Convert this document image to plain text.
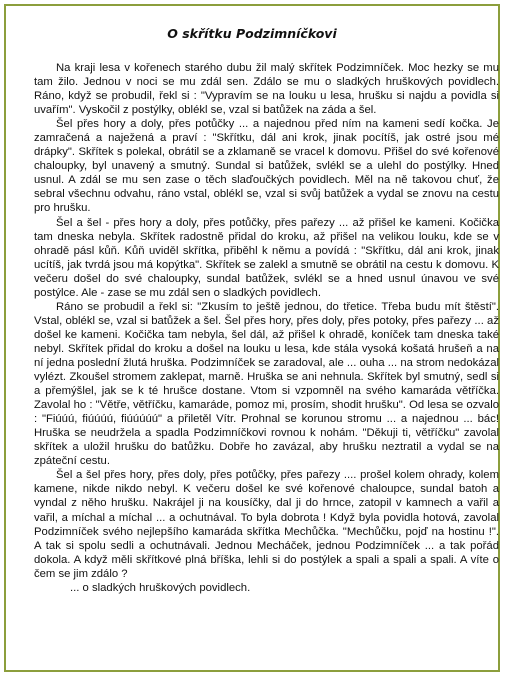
O skřítku Podzimníčkovi

Na kraji lesa v kořenech starého dubu žil malý skřítek Podzimníček. Moc hezky se mu tam žilo. Jednou v noci se mu zdál sen. Zdálo se mu o sladkých hruškových povidlech. Ráno, když se probudil, řekl si : "Vypravím se na louku u lesa, hrušku si najdu a povidla si uvařím". Vyskočil z postýlky, oblékl se, vzal si batůžek na záda a šel.

Šel přes hory a doly, přes potůčky ... a najednou před ním na kameni sedí kočka. Je zamračená a naježená a praví : "Skřítku, dál ani krok, jinak pocítíš, jak ostré jsou mé drápky". Skřítek s polekal, obrátil se a zklamaně se vracel k domovu. Přišel do své kořenové chaloupky, byl unavený a smutný. Sundal si batůžek, svlékl se a ulehl do postýlky. Hned usnul. A zdál se mu sen zase o těch slaďoučkých povidlech. Měl na ně takovou chuť, že sebral všechnu odvahu, ráno vstal, oblékl se, vzal si svůj batůžek a vydal se znovu na cestu pro hrušku.

Šel a šel - přes hory a doly, přes potůčky, přes pařezy ... až přišel ke kameni. Kočička tam dneska nebyla. Skřítek radostně přidal do kroku, až přišel na velikou louku, kde se v ohradě pásl kůň. Kůň uviděl skřítka, přiběhl k němu a povídá : "Skřítku, dál ani krok, jinak ucítíš, jak tvrdá jsou má kopýtka". Skřítek se zalekl a smutně se obrátil na cestu k domovu. K večeru došel do své chaloupky, sundal batůžek, svlékl se a hned usnul únavou ve své postýlce. Ale - zase se mu zdál sen o sladkých povidlech.

Ráno se probudil a řekl si: "Zkusím to ještě jednou, do třetice. Třeba budu mít štěstí". Vstal, oblékl se, vzal si batůžek a šel. Šel přes hory, přes doly, přes potoky, přes pařezy ... až došel ke kameni. Kočička tam nebyla, šel dál, až přišel k ohradě, koníček tam dneska také nebyl. Skřítek přidal do kroku a došel na louku u lesa, kde stála vysoká košatá hrušeň a na ní jedna poslední žlutá hruška. Podzimníček se zaradoval, ale ... ouha ... na strom nedokázal vylézt. Zkoušel stromem zaklepat, marně. Hruška se ani nehnula. Skřítek byl smutný, sedl si a přemýšlel, jak se k té hrušce dostane. Vtom si vzpomněl na svého kamaráda větříčka. Zavolal ho : "Větře, větříčku, kamaráde, pomoz mi, prosím, shodit hrušku". Od lesa se ozvalo : "Fiúúú, fiúúúú, fiúúúúú" a přiletěl Vítr. Prohnal se korunou stromu ... a najednou ... bác! Hruška se neudržela a spadla Podzimníčkovi rovnou k nohám. "Děkuji ti, větříčku" zavolal skřítek a uložil hrušku do batůžku. Dobře ho zavázal, aby hrušku neztratil a vydal se na zpáteční cestu.

Šel a šel přes hory, přes doly, přes potůčky, přes pařezy .... prošel kolem ohrady, kolem kamene, nikde nikdo nebyl. K večeru došel ke své kořenové chaloupce, sundal batoh a vyndal z něho hrušku. Nakrájel ji na kousíčky, dal ji do hrnce, zatopil v kamnech a vařil a vařil, a míchal a míchal ... a ochutnával. To byla dobrota ! Když byla povidla hotová, zavolal Podzimníček svého nejlepšího kamaráda skřítka Mechůčka. "Mechůčku, pojď na hostinu !". A tak si spolu sedli a ochutnávali. Jednou Mecháček, jednou Podzimníček ... a tak pořád dokola. A když měli skřítkové plná bříška, lehli si do postýlek a spali a spali a spali. A víte o čem se jim zdálo ?

... o sladkých hruškových povidlech.
